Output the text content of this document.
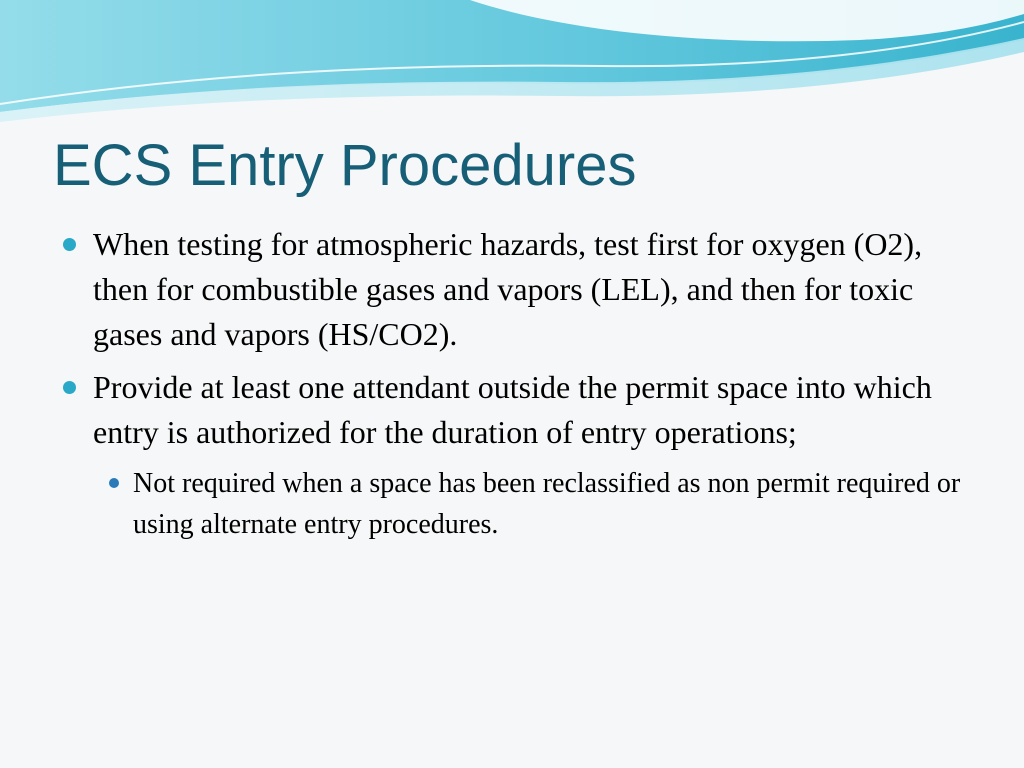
ECS Entry Procedures
When testing for atmospheric hazards, test first for oxygen (O2), then for combustible gases and vapors (LEL), and then for toxic gases and vapors (HS/CO2).
Provide at least one attendant outside the permit space into which entry is authorized for the duration of entry operations;
Not required when a space has been reclassified as non permit required or using alternate entry procedures.
